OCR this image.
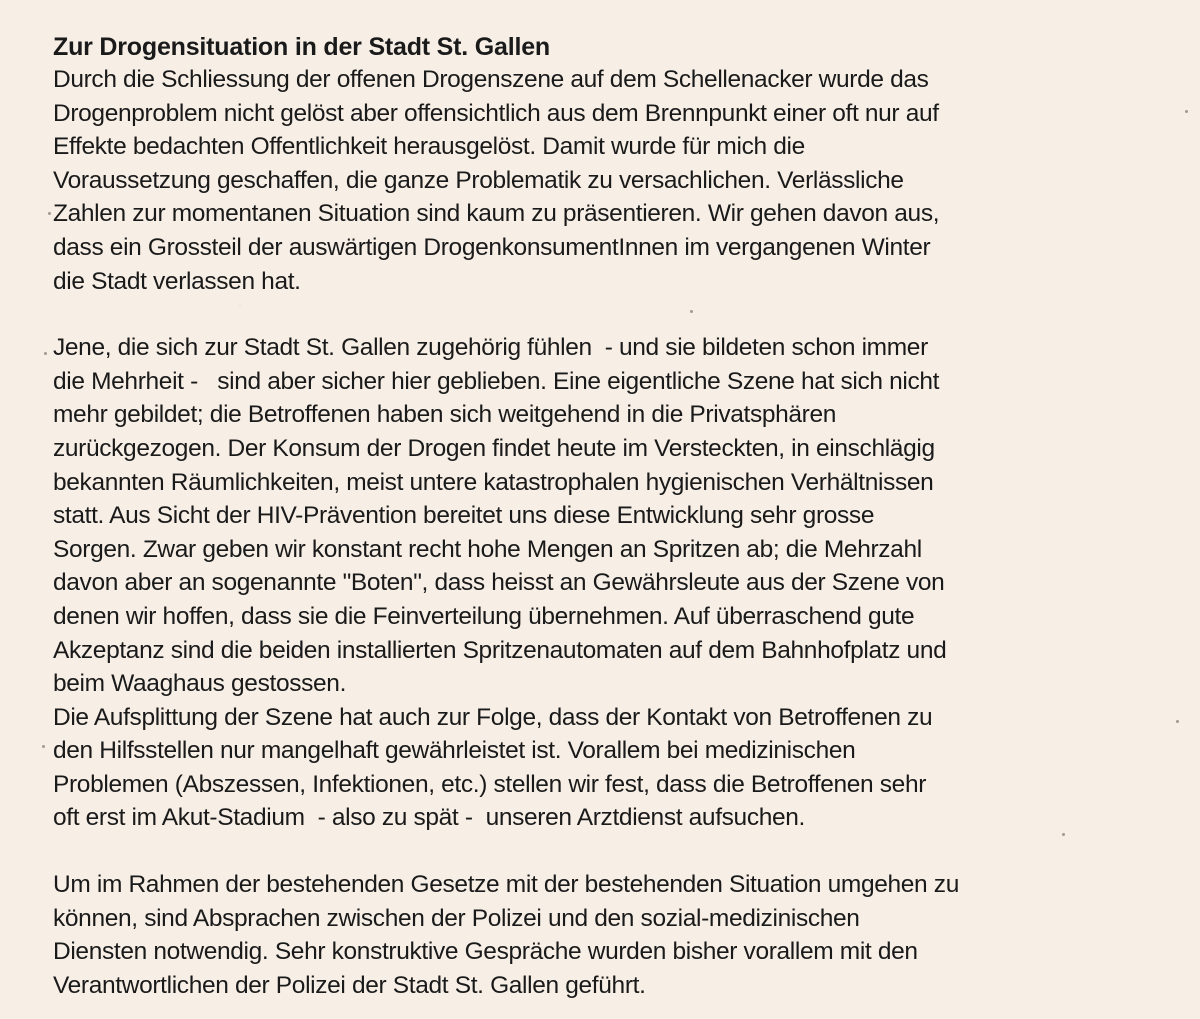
Zur Drogensituation in der Stadt St. Gallen

Durch die Schliessung der offenen Drogenszene auf dem Schellenacker wurde das
Drogenproblem nicht gelöst aber offensichtlich aus dem Brennpunkt einer oft nur auf
Effekte bedachten Offentlichkeit herausgelöst. Damit wurde für mich die
Voraussetzung geschaffen, die ganze Problematik zu versachlichen. Verlässliche
Zahlen zur momentanen Situation sind kaum zu präsentieren. Wir gehen davon aus,
dass ein Grossteil der auswärtigen DrogenkonsumentInnen im vergangenen Winter
die Stadt verlassen hat.

Jene, die sich zur Stadt St. Gallen zugehörig fühlen  - und sie bildeten schon immer
die Mehrheit -   sind aber sicher hier geblieben. Eine eigentliche Szene hat sich nicht
mehr gebildet; die Betroffenen haben sich weitgehend in die Privatsphären
zurückgezogen. Der Konsum der Drogen findet heute im Versteckten, in einschlägig
bekannten Räumlichkeiten, meist untere katastrophalen hygienischen Verhältnissen
statt. Aus Sicht der HIV-Prävention bereitet uns diese Entwicklung sehr grosse
Sorgen. Zwar geben wir konstant recht hohe Mengen an Spritzen ab; die Mehrzahl
davon aber an sogenannte "Boten", dass heisst an Gewährsleute aus der Szene von
denen wir hoffen, dass sie die Feinverteilung übernehmen. Auf überraschend gute
Akzeptanz sind die beiden installierten Spritzenautomaten auf dem Bahnhofplatz und
beim Waaghaus gestossen.

Die Aufsplittung der Szene hat auch zur Folge, dass der Kontakt von Betroffenen zu
den Hilfsstellen nur mangelhaft gewährleistet ist. Vorallem bei medizinischen
Problemen (Abszessen, Infektionen, etc.) stellen wir fest, dass die Betroffenen sehr
oft erst im Akut-Stadium  - also zu spät -  unseren Arztdienst aufsuchen.

Um im Rahmen der bestehenden Gesetze mit der bestehenden Situation umgehen zu
können, sind Absprachen zwischen der Polizei und den sozial-medizinischen
Diensten notwendig. Sehr konstruktive Gespräche wurden bisher vorallem mit den
Verantwortlichen der Polizei der Stadt St. Gallen geführt.
